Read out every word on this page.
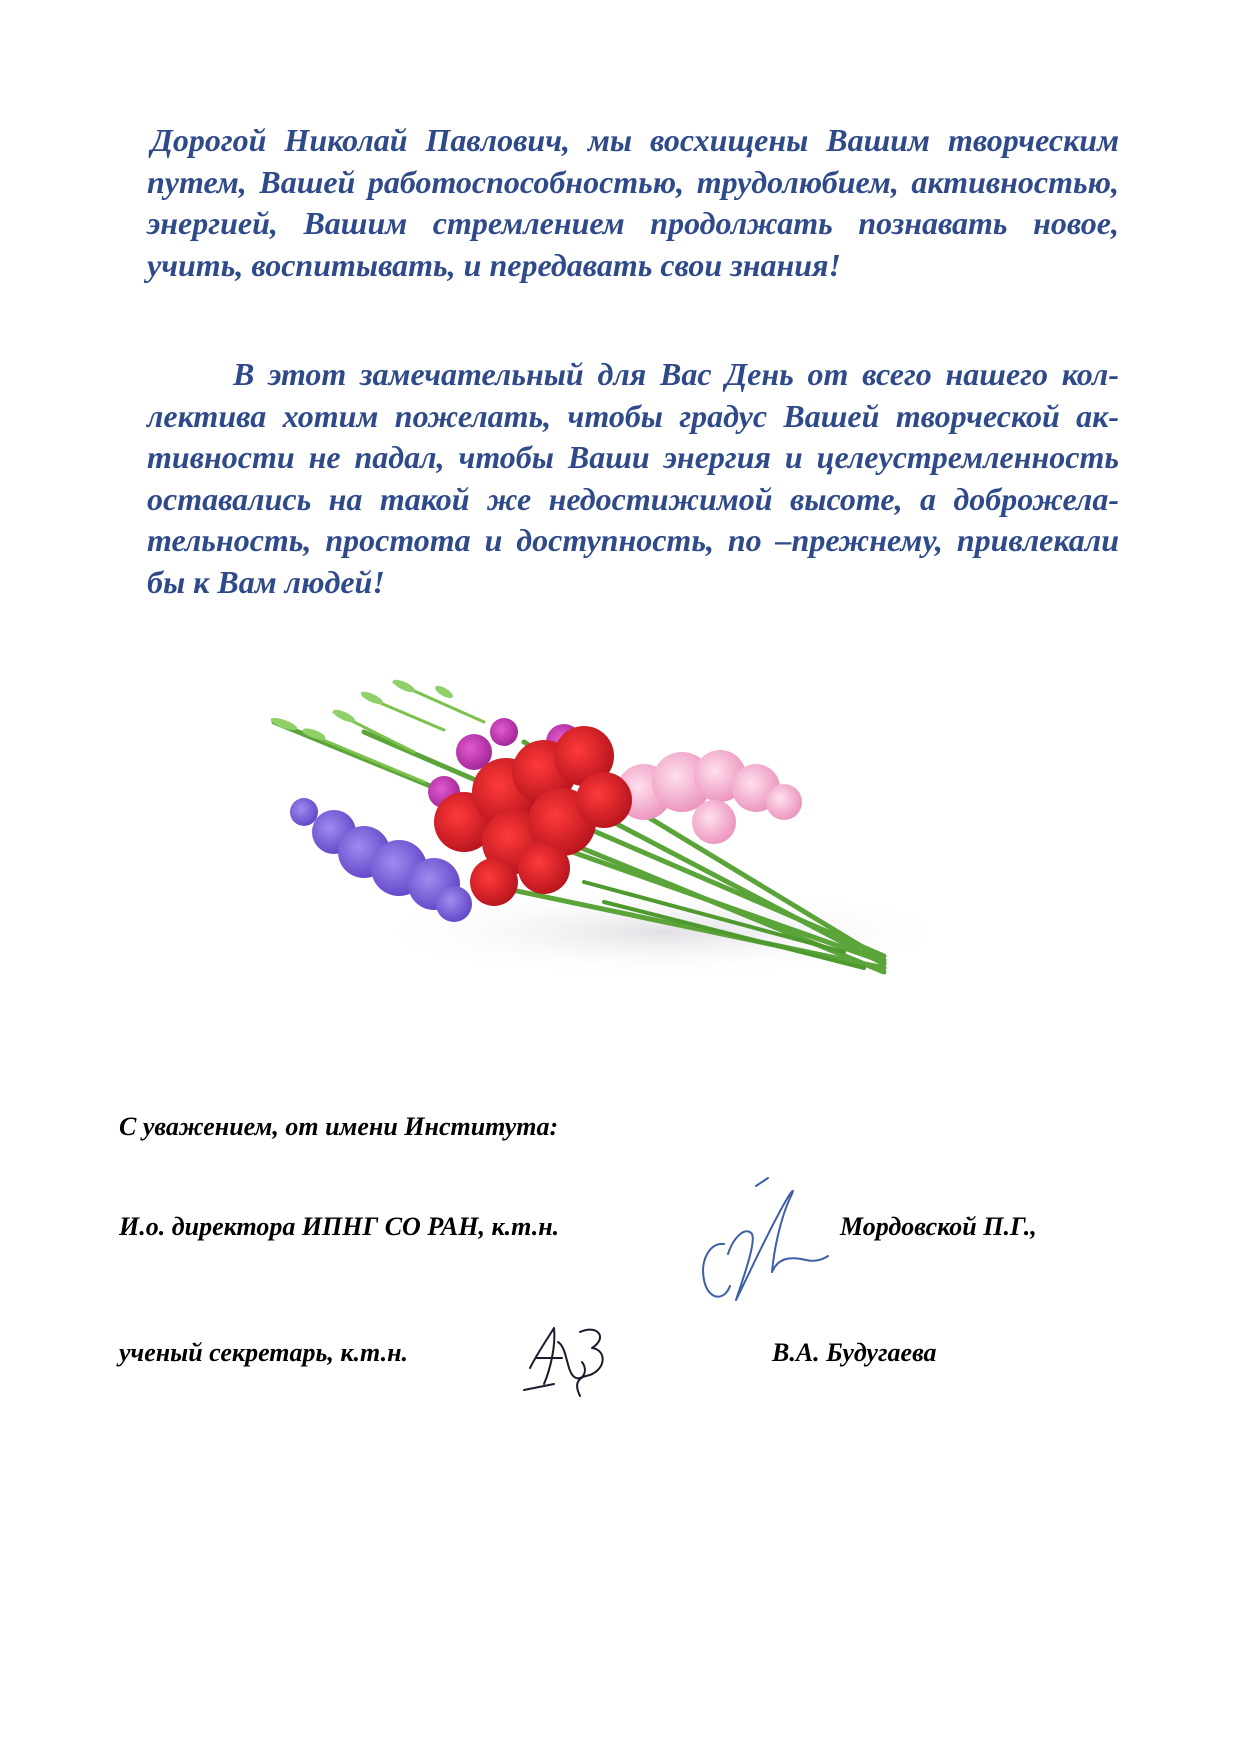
Дорогой Николай Павлович, мы восхищены Вашим творческим путем, Вашей работоспособностью, трудолюбием, активностью, энергией, Вашим стремлением продолжать познавать новое, учить, воспитывать, и передавать свои знания!

В этот замечательный для Вас День от всего нашего коллектива хотим пожелать, чтобы градус Вашей творческой активности не падал, чтобы Ваши энергия и целеустремленность оставались на такой же недостижимой высоте, а доброжелательность, простота и доступность, по –прежнему, привлекали бы к Вам людей!

С уважением, от имени Института:

И.о. директора ИПНГ СО РАН, к.т.н.	Мордовской П.Г.,

ученый секретарь, к.т.н.	В.А. Будугаева
